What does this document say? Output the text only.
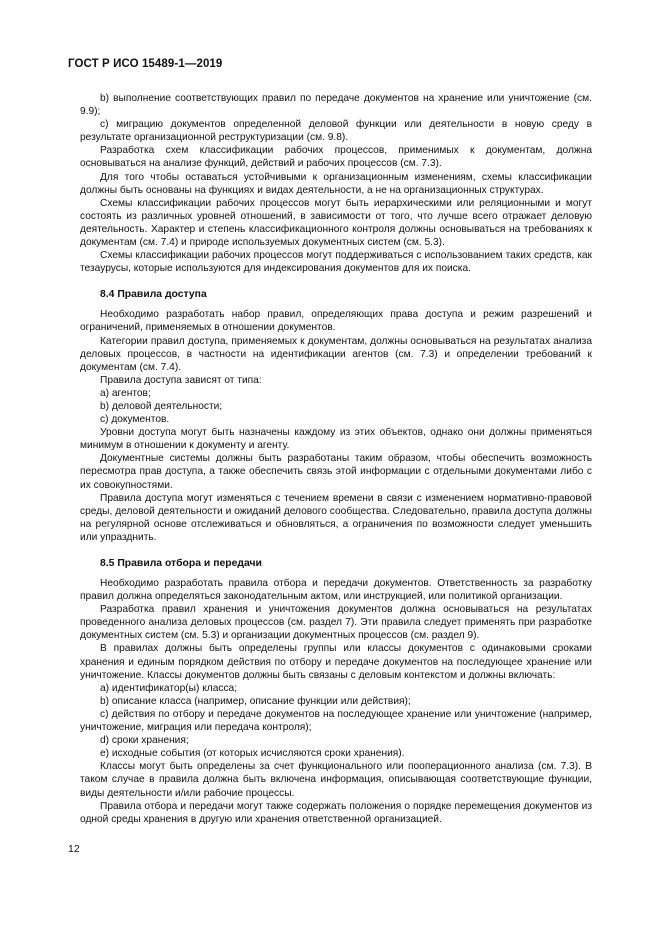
ГОСТ Р ИСО 15489-1—2019

b) выполнение соответствующих правил по передаче документов на хранение или уничтожение (см. 9.9);

c) миграцию документов определенной деловой функции или деятельности в новую среду в результате организационной реструктуризации (см. 9.8).

Разработка схем классификации рабочих процессов, применимых к документам, должна основываться на анализе функций, действий и рабочих процессов (см. 7.3).

Для того чтобы оставаться устойчивыми к организационным изменениям, схемы классификации должны быть основаны на функциях и видах деятельности, а не на организационных структурах.

Схемы классификации рабочих процессов могут быть иерархическими или реляционными и могут состоять из различных уровней отношений, в зависимости от того, что лучше всего отражает деловую деятельность. Характер и степень классификационного контроля должны основываться на требованиях к документам (см. 7.4) и природе используемых документных систем (см. 5.3).

Схемы классификации рабочих процессов могут поддерживаться с использованием таких средств, как тезаурусы, которые используются для индексирования документов для их поиска.

8.4 Правила доступа

Необходимо разработать набор правил, определяющих права доступа и режим разрешений и ограничений, применяемых в отношении документов.

Категории правил доступа, применяемых к документам, должны основываться на результатах анализа деловых процессов, в частности на идентификации агентов (см. 7.3) и определении требований к документам (см. 7.4).

Правила доступа зависят от типа:

a) агентов;

b) деловой деятельности;

c) документов.

Уровни доступа могут быть назначены каждому из этих объектов, однако они должны применяться минимум в отношении к документу и агенту.

Документные системы должны быть разработаны таким образом, чтобы обеспечить возможность пересмотра прав доступа, а также обеспечить связь этой информации с отдельными документами либо с их совокупностями.

Правила доступа могут изменяться с течением времени в связи с изменением нормативно-правовой среды, деловой деятельности и ожиданий делового сообщества. Следовательно, правила доступа должны на регулярной основе отслеживаться и обновляться, а ограничения по возможности следует уменьшить или упразднить.

8.5 Правила отбора и передачи

Необходимо разработать правила отбора и передачи документов. Ответственность за разработку правил должна определяться законодательным актом, или инструкцией, или политикой организации.

Разработка правил хранения и уничтожения документов должна основываться на результатах проведенного анализа деловых процессов (см. раздел 7). Эти правила следует применять при разработке документных систем (см. 5.3) и организации документных процессов (см. раздел 9).

В правилах должны быть определены группы или классы документов с одинаковыми сроками хранения и единым порядком действия по отбору и передаче документов на последующее хранение или уничтожение. Классы документов должны быть связаны с деловым контекстом и должны включать:

a) идентификатор(ы) класса;

b) описание класса (например, описание функции или действия);

c) действия по отбору и передаче документов на последующее хранение или уничтожение (например, уничтожение, миграция или передача контроля);

d) сроки хранения;

e) исходные события (от которых исчисляются сроки хранения).

Классы могут быть определены за счет функционального или пооперационного анализа (см. 7.3). В таком случае в правила должна быть включена информация, описывающая соответствующие функции, виды деятельности и/или рабочие процессы.

Правила отбора и передачи могут также содержать положения о порядке перемещения документов из одной среды хранения в другую или хранения ответственной организацией.

12
